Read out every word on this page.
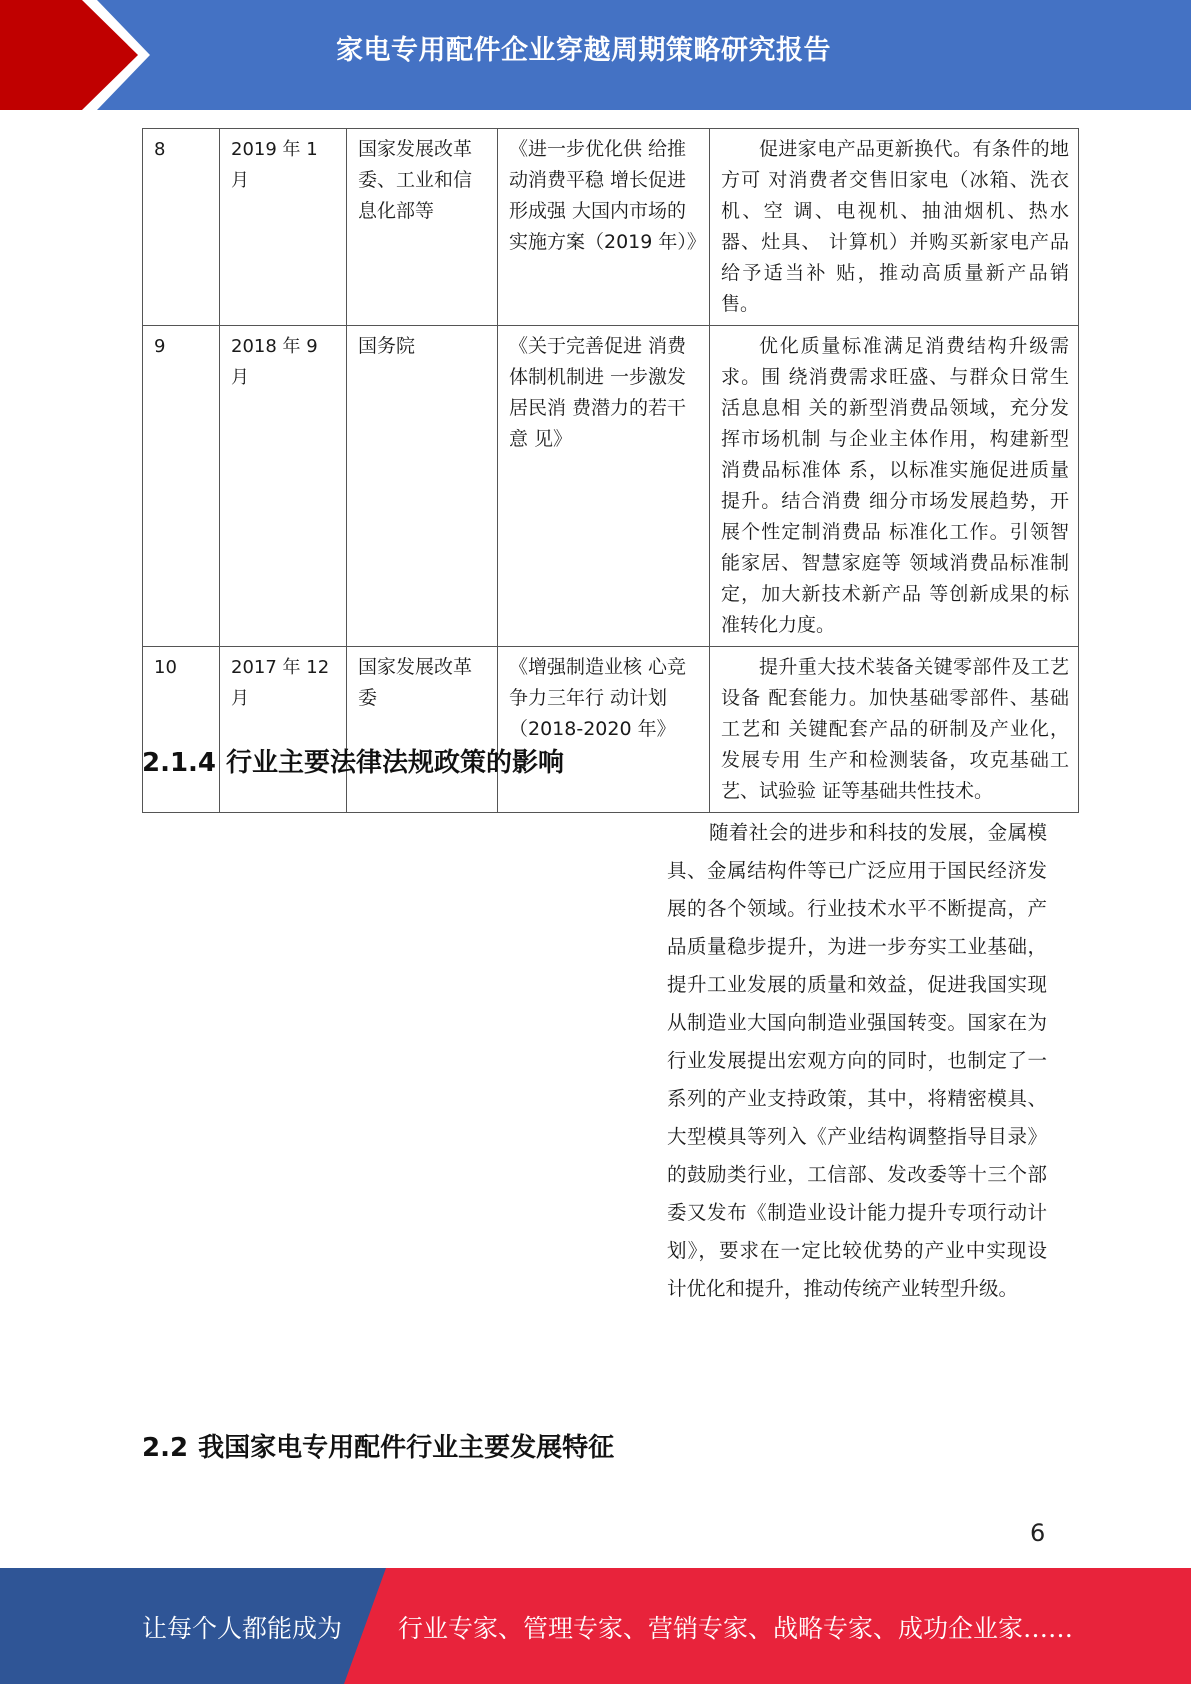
家电专用配件企业穿越周期策略研究报告
8	2019 年 1 月	国家发展改革委、工业和信息化部等	《进一步优化供 给推动消费平稳 增长促进形成强 大国内市场的实施方案（2019 年）》	促进家电产品更新换代。有条件的地方可 对消费者交售旧家电（冰箱、洗衣机、空 调、电视机、抽油烟机、热水器、灶具、 计算机）并购买新家电产品给予适当补 贴，推动高质量新产品销售。
9	2018 年 9 月	国务院	《关于完善促进 消费体制机制进 一步激发居民消 费潜力的若干意 见》	优化质量标准满足消费结构升级需求。围 绕消费需求旺盛、与群众日常生活息息相 关的新型消费品领域，充分发挥市场机制 与企业主体作用，构建新型消费品标准体 系，以标准实施促进质量提升。结合消费 细分市场发展趋势，开展个性定制消费品 标准化工作。引领智能家居、智慧家庭等 领域消费品标准制定，加大新技术新产品 等创新成果的标准转化力度。
10	2017 年 12 月	国家发展改革委	《增强制造业核 心竞争力三年行 动计划（2018-2020 年》	提升重大技术装备关键零部件及工艺设备 配套能力。加快基础零部件、基础工艺和 关键配套产品的研制及产业化，发展专用 生产和检测装备，攻克基础工艺、试验验 证等基础共性技术。
2.1.4 行业主要法律法规政策的影响

随着社会的进步和科技的发展，金属模具、金属结构件等已广泛应用于国民经济发展的各个领域。行业技术水平不断提高，产品质量稳步提升，为进一步夯实工业基础，提升工业发展的质量和效益，促进我国实现从制造业大国向制造业强国转变。国家在为行业发展提出宏观方向的同时，也制定了一系列的产业支持政策，其中，将精密模具、大型模具等列入《产业结构调整指导目录》的鼓励类行业，工信部、发改委等十三个部委又发布《制造业设计能力提升专项行动计划》，要求在一定比较优势的产业中实现设计优化和提升，推动传统产业转型升级。

2.2 我国家电专用配件行业主要发展特征
6
让每个人都能成为 行业专家、管理专家、营销专家、战略专家、成功企业家……
